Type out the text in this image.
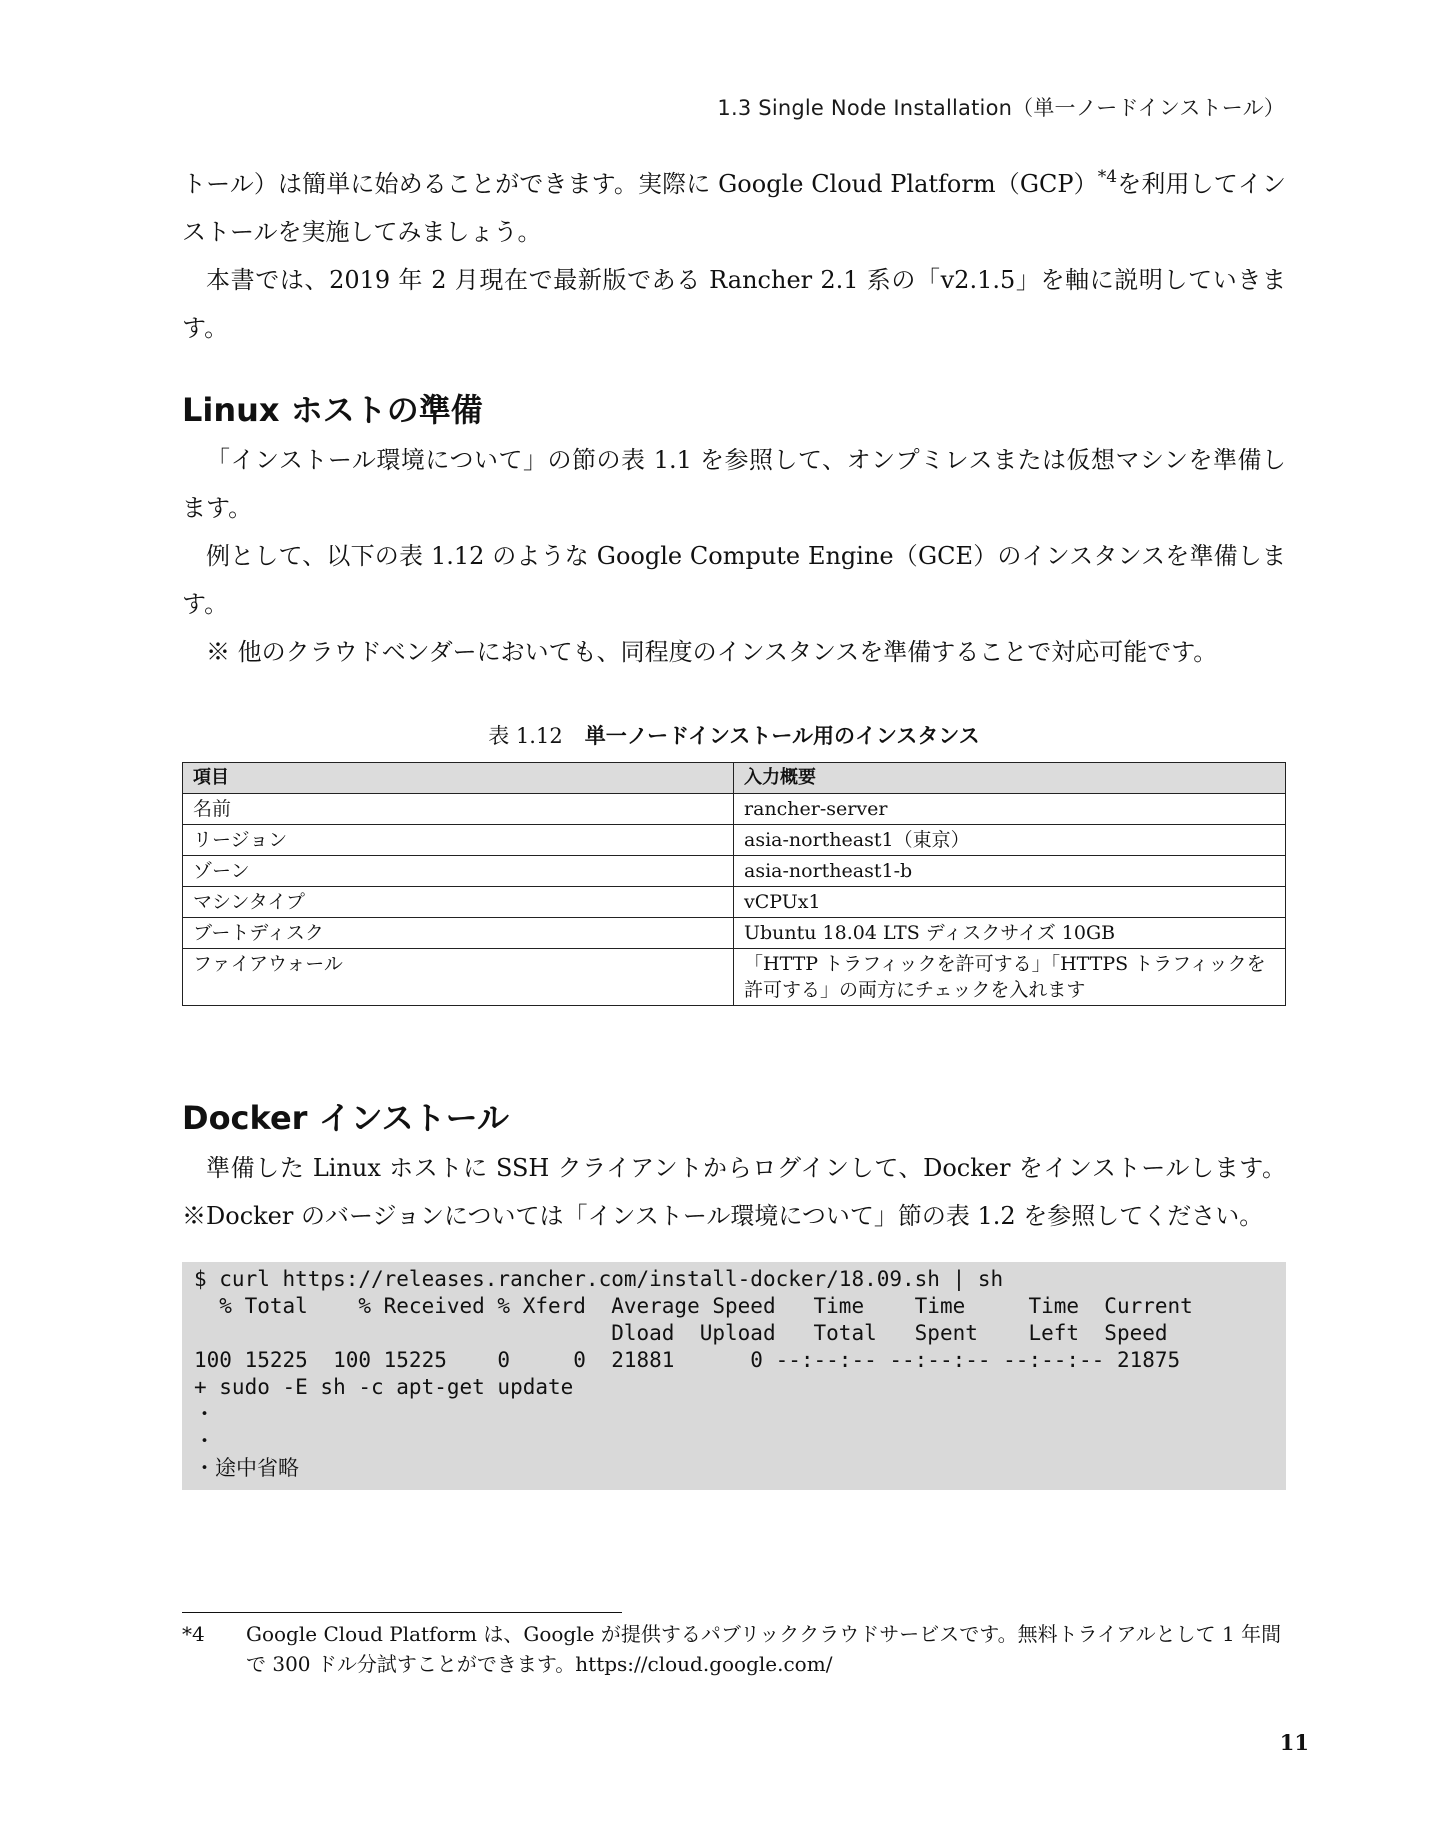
1.3 Single Node Installation（単一ノードインストール）

トール）は簡単に始めることができます。実際に Google Cloud Platform（GCP）$^{*4}$を利用してインストールを実施してみましょう。

本書では、2019 年 2 月現在で最新版である Rancher 2.1 系の「v2.1.5」を軸に説明していきます。

Linux ホストの準備

「インストール環境について」の節の表 1.1 を参照して、オンプミレスまたは仮想マシンを準備します。

例として、以下の表 1.12 のような Google Compute Engine（GCE）のインスタンスを準備します。

※ 他のクラウドベンダーにおいても、同程度のインスタンスを準備することで対応可能です。

表 1.12 単一ノードインストール用のインスタンス
項目	入力概要
名前	rancher-server
リージョン	asia-northeast1（東京）
ゾーン	asia-northeast1-b
マシンタイプ	vCPUx1
ブートディスク	Ubuntu 18.04 LTS ディスクサイズ 10GB
ファイアウォール	「HTTP トラフィックを許可する」「HTTPS トラフィックを許可する」の両方にチェックを入れます
Docker インストール

準備した Linux ホストに SSH クライアントからログインして、Docker をインストールします。※Docker のバージョンについては「インストール環境について」節の表 1.2 を参照してください。

$ curl https://releases.rancher.com/install-docker/18.09.sh | sh
% Total    % Received % Xferd  Average Speed   Time    Time     Time  Current
Dload  Upload   Total   Spent    Left  Speed
100 15225  100 15225    0     0  21881      0 --:--:-- --:--:-- --:--:-- 21875
+ sudo -E sh -c apt-get update
・
・
・途中省略
*4	Google Cloud Platform は、Google が提供するパブリッククラウドサービスです。無料トライアルとして 1 年間で 300 ドル分試すことができます。https://cloud.google.com/
11
